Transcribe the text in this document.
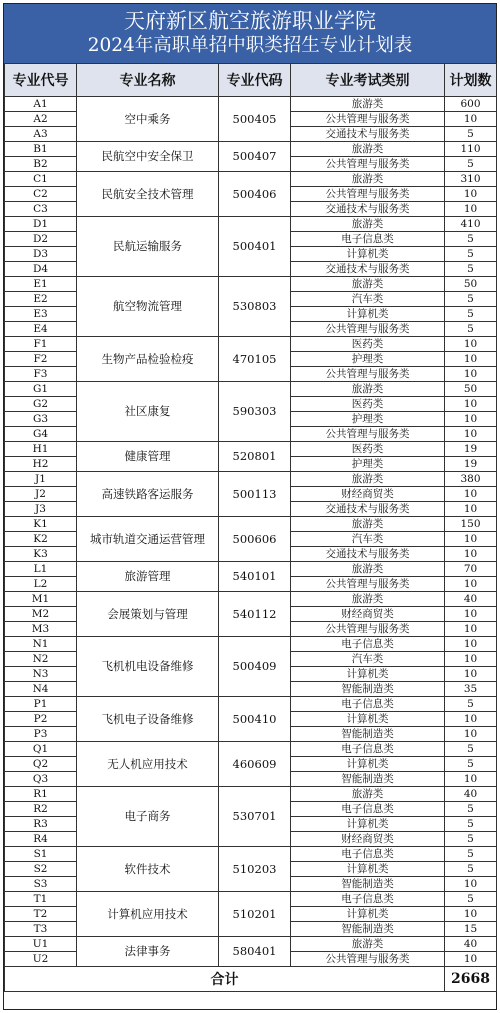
天府新区航空旅游职业学院
2024年高职单招中职类招生专业计划表
专业代号	专业名称	专业代码	专业考试类别	计划数
A1	空中乘务	500405	旅游类	600
A2			公共管理与服务类	10
A3			交通技术与服务类	5
B1	民航空中安全保卫	500407	旅游类	110
B2			公共管理与服务类	5
C1	民航安全技术管理	500406	旅游类	310
C2			公共管理与服务类	10
C3			交通技术与服务类	10
D1	民航运输服务	500401	旅游类	410
D2			电子信息类	5
D3			计算机类	5
D4			交通技术与服务类	5
E1	航空物流管理	530803	旅游类	50
E2			汽车类	5
E3			计算机类	5
E4			公共管理与服务类	5
F1	生物产品检验检疫	470105	医药类	10
F2			护理类	10
F3			公共管理与服务类	10
G1	社区康复	590303	旅游类	50
G2			医药类	10
G3			护理类	10
G4			公共管理与服务类	10
H1	健康管理	520801	医药类	19
H2			护理类	19
J1	高速铁路客运服务	500113	旅游类	380
J2			财经商贸类	10
J3			交通技术与服务类	10
K1	城市轨道交通运营管理	500606	旅游类	150
K2			汽车类	10
K3			交通技术与服务类	10
L1	旅游管理	540101	旅游类	70
L2			公共管理与服务类	10
M1	会展策划与管理	540112	旅游类	40
M2			财经商贸类	10
M3			公共管理与服务类	10
N1	飞机机电设备维修	500409	电子信息类	10
N2			汽车类	10
N3			计算机类	10
N4			智能制造类	35
P1	飞机电子设备维修	500410	电子信息类	5
P2			计算机类	10
P3			智能制造类	10
Q1	无人机应用技术	460609	电子信息类	5
Q2			计算机类	5
Q3			智能制造类	10
R1	电子商务	530701	旅游类	40
R2			电子信息类	5
R3			计算机类	5
R4			财经商贸类	5
S1	软件技术	510203	电子信息类	5
S2			计算机类	5
S3			智能制造类	10
T1	计算机应用技术	510201	电子信息类	5
T2			计算机类	10
T3			智能制造类	15
U1	法律事务	580401	旅游类	40
U2			公共管理与服务类	10
合计				2668
